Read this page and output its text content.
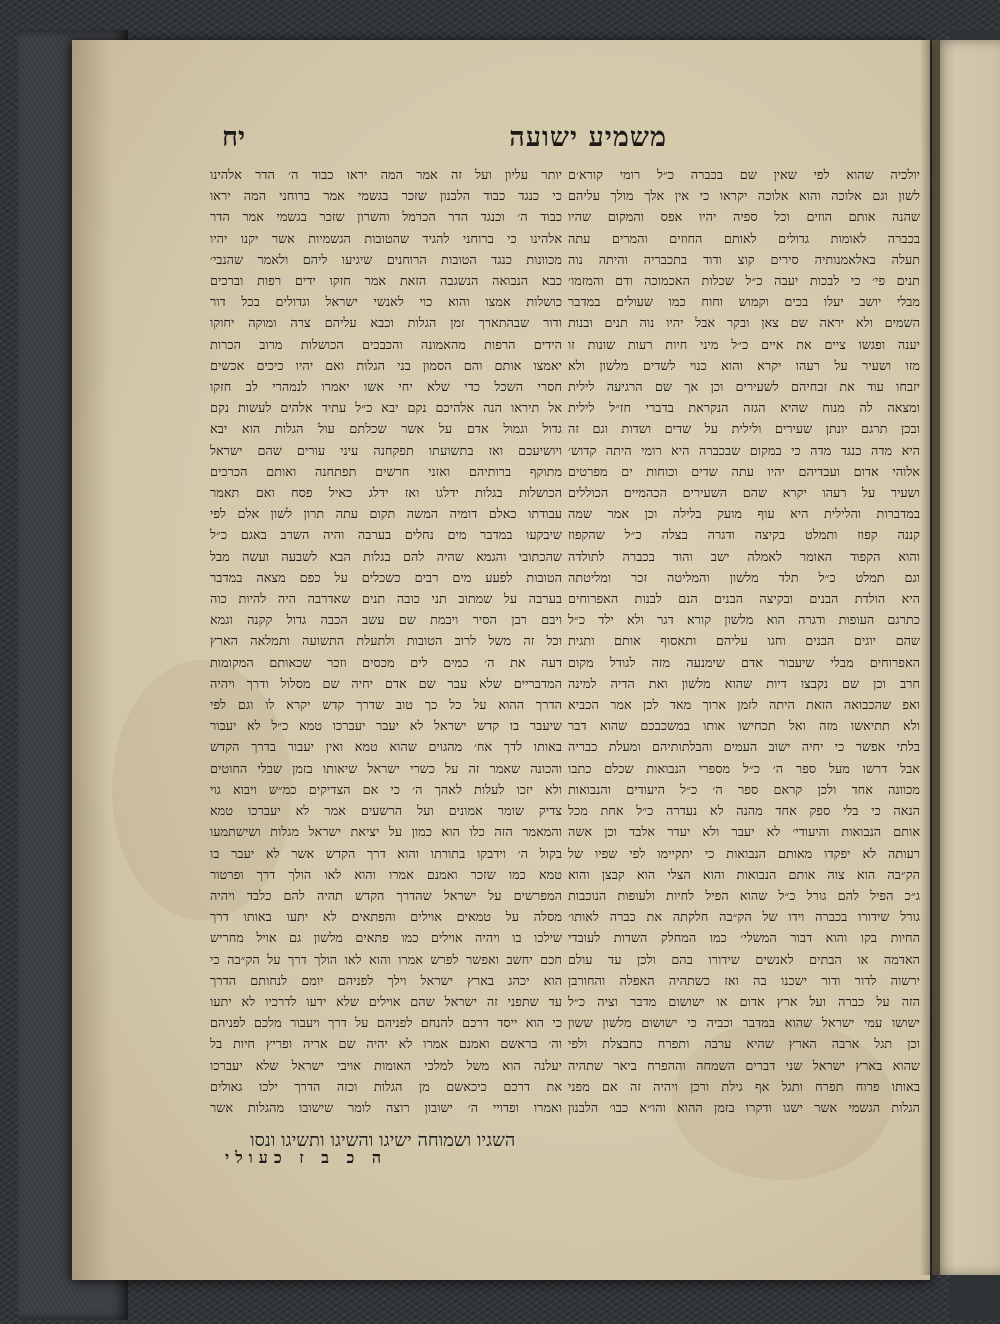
משמיע ישועה
יח
יולכיה שהוא לפי שאין שם בכברה כ״ל רומי קורא׳ם
לשון וגם אלוכה והוא אלוכה יקראו כי אין אלך מולך עליהם
שהנה אותם הוזים וכל ספיה יהיו אפס והמקום שהיו
בכברה לאומות גדולים לאותם החוזים והמרים עתה
תעלה באלאמנותיה סירים קוצ ודוד בתכבריה והיתה נוה
תנים פי׳ כי לבכות יעבה כ״ל שכלות האכמוכה ודם והמזמו׳
מבלי יושב יעלו בכים וקמוש וחוח כמו שעולים במדבר
השמים ולא יראה שם צאן ובקר אבל יהיו נוה תנים ובנות
יענה ופגשו ציים את איים כ״ל מיני חיות רעות שונות זו
מזו ושעיר על רעהו יקרא והוא כנוי לשדים מלשון ולא
יזבחו עוד את זבחיהם לשעירים וכן אך שם הרגיעה לילית
ומצאה לה מנוח שהיא הגזה הנקראת בדברי חז״ל לילית
ובכן תרגם יונתן שעירים ולילית על שדים ושדות וגם זה
היא מדה כנגד מדה כי במקום שבכברה היא רומי היתה קדוש׳
אלוהי אדום ועבדיהם יהיו עתה שדים וכוחות ים מפרטים
ושעיר על רעהו יקרא שהם השעירים הכהמיים הכוללים
במדברות והלילית היא עוף מועק בלילה וכן אמר שמה
קננה קפוז ותמלט בקיצה ודגרה בצלה כ״ל שהקפוז
והוא הקפוד האומר לאמלה ישב והוד בכברה לתולדה
וגם תמלט כ״ל תלד מלשון והמליטה זכר ומליטתה
היא הולדת הבנים ובקיצה הבנים הנם לבנות האפרוחים
כתרגם העופות ודגרה הוא מלשון קורא דגר ולא ילד כ״ל
שהם יוגים הבנים וחגו עליהם ותאסוף אותם ותגית
האפרוחים מבלי שיעבור אדם שימנעה מזה לגודל מקום
חרב וכן שם נקבצו דיות שהוא מלשון ואת הדיה למינה
ואפ שהכבואה הזאת היתה לזמן ארוך מאד לכן אמר הכביא
ולא תתיאשו מזה ואל תכחישו אותו במשכבכם שהוא דבר
בלתי אפשר כי יחיה ישוב העמים והבלתותיהם ומעלת כבריה
אבל דרשו מעל ספר ה׳ כ״ל מספרי הנבואות שכלם כתבו
מכוונה אחד ולכן קראם ספר ה׳ כ״ל היעודים והנבואות
הנאה כי בלי ספק אחד מהנה לא נעדרה כ״ל אחת מכל
אותם הנבואות והיעודי׳ לא יעבר ולא יעדר אלבד וכן אשה
רעותה לא יפקדו מאותם הנבואות כי יתקיימו לפי שפיו של
הק״בה הוא צוה אותם הנבואות והוא הצלי הוא קבצן והוא
ג״כ הפיל להם גורל כ״ל שהוא הפיל לחיות ולעופות הנוכבות
גורל שידורו בכברה וידו של הק״בה חלקתה את כברה לאותו׳
החיות בקו והוא דבור המשלי׳ כמו המחלק השדות לעובדי
האדמה או הבתים לאנשים שידורו בהם ולכן עד עולם
ירשוה לדור ודור ישכנו בה ואז כשתהיה האפלה והחורבן
הזה על כברה ועל ארץ אדום או ישושום מדבר וציה כ״ל
ישושו עמי ישראל שהוא במדבר וכביה כי ישושום מלשון ששון
וכן תגל ארבה הארץ שהיא ערבה ותפרח כחבצלת ולפי
שהוא בארץ ישראל שני דברים השמחה וההפרח ביאר שתהיה
באותו פרוח תפרח ותגל אף גילת ורכן ויהיה זה אם מפני
הגלות הגשמי אשר ישגו ודקרו בזמן ההוא והו״א כבו׳ הלבנון
יותר עליון ועל זה אמר המה יראו כבוד ה׳ הדר אלהינו
כי כנגד כבוד הלבנון שזכר בגשמי אמר ברוחני המה יראו
כבוד ה׳ וכנגד הדר הכרמל והשרון שזכר בגשמי אמר הדר
אלהינו כי ברוחני להגיד שהטובות הגשמיות אשר יקנו יהיו
מכוונות כנגד הטובות הרוחנים שיגיעו ליהם ולאמר שהנבי׳
כבא הנבואה הנשגבה הזאת אמר חזקו ידים רפות וברכים
כושלות אמצו והוא כוי לאנשי ישראל וגדולים בכל דור
ודור שבהתארך זמן הגלות וכבא עליהם צרה ומוקה יחוקו
הידים הרפות מהאמונה והכבכים הכושלות מרוב הכרות
יאמצו אותם והם הסמון בני הגלות ואם יהיו כיכים אכשים
חסרי השכל כדי שלא יחי אשו יאמרו לנמהרי לב חזקו
אל תיראו הנה אלהיכם נקם יבא כ״ל עתיד אלהים לעשות נקם
גדול וגמול אדם על אשר שכלתם עול הגלות הוא יבא
ויושיעכם ואז בתשועתו תפקחנה עיני עורים שהם ישראל
מתוקף ברותיהם ואזני חרשים תפתחנה ואותם הכרכים
הכושלות בגלות ידלגו ואז ידלג כאיל פסח ואם תאמר
עבודתו כאלם דומיה המשה תקום עתה תרון לשון אלם לפי
שיבקעו במדבר מים נחלים בערבה והיה השרב באגם כ״ל
שהכתובי והגמא שהיה להם בגלות הבא לשבעה ועשה מבל
הטובות לפעע מים רבים כשכלים על כפם מצאה במדבר
בערבה על שמתוב תני כובה תנים שאדרבה היה להיות כוה
ויבם רבן הסיר ויבמת שם עשב הכבה גדול קקנה וגמא
וכל זה משל לרוב הטובות ולתעלת התשועה ותמלאה הארץ
דעה את ה׳ כמים לים מכסים וזכר שכאותם המקומות
המדבריים שלא עבר שם אדם יחיה שם מסלול ודרך ויהיה
הדרך ההוא על כל כך טוב שדרך קדש יקרא לו וגם לפי
שיעבר בו קדש ישראל לא יעבר יעברכו טמא כ״ל לא יעבור
באותו לדך אח׳ מהגוים שהוא טמא ואין יעבור בדרך הקדש
והכונה שאמר זה על כשרי ישראל שיאותו בזמן שבלי החוטים
ולא יזכו לעלות לאהך ה׳ כי אם הצדיקים כמ״ש ויבוא גוי
צדיק שומר אמונים ועל הרשעים אמר לא יעברכו טמא
והמאמר הזה כלו הוא כמון על יציאת ישראל מגלות ושישתמעו
בקול ה׳ וידבקו בתורתו והוא דרך הקדש אשר לא יעבר בו
טמא כמו שזכר ואמנם אמרו והוא לאו הולך דרך ופרטור
המפרשים על ישראל שהדרך הקדש תהיה להם כלבד ויהיה
מסלה על טמאים אוילים והפתאים לא יתעו באותו דרך
שילכו בו ויהיה אוילים כמו פתאים מלשון גם אויל מחריש
חכם יחשב ואפשר לפרש אמרו והוא לאו הולך דרך על הק״בה כי
הוא יכהג בארץ ישראל וילך לפניהם יומם לנחותם הדרך
עד שתפני זה ישראל שהם אוילים שלא ידעו לדרכיו לא יתעו
כי הוא ייסד דרכם להנחם לפניהם על דרך ויעבור מלכם לפניהם
וה׳ בראשם ואמנם אמרו לא יהיה שם אריה ופריץ חיות בל
יעלנה הוא משל למלכי האומות אויבי ישראל שלא יעברכו
את דרכם כיכאשם מן הגלות וכזה הדרך ילכו גאולים
ואמרו ופדויי ה׳ ישובון רוצה לומר שישובו מהגלות אשר
השגיו ושמוחה ישיגו והשיגו ותשיגו ונסו
ה כ ב ז כעולי
